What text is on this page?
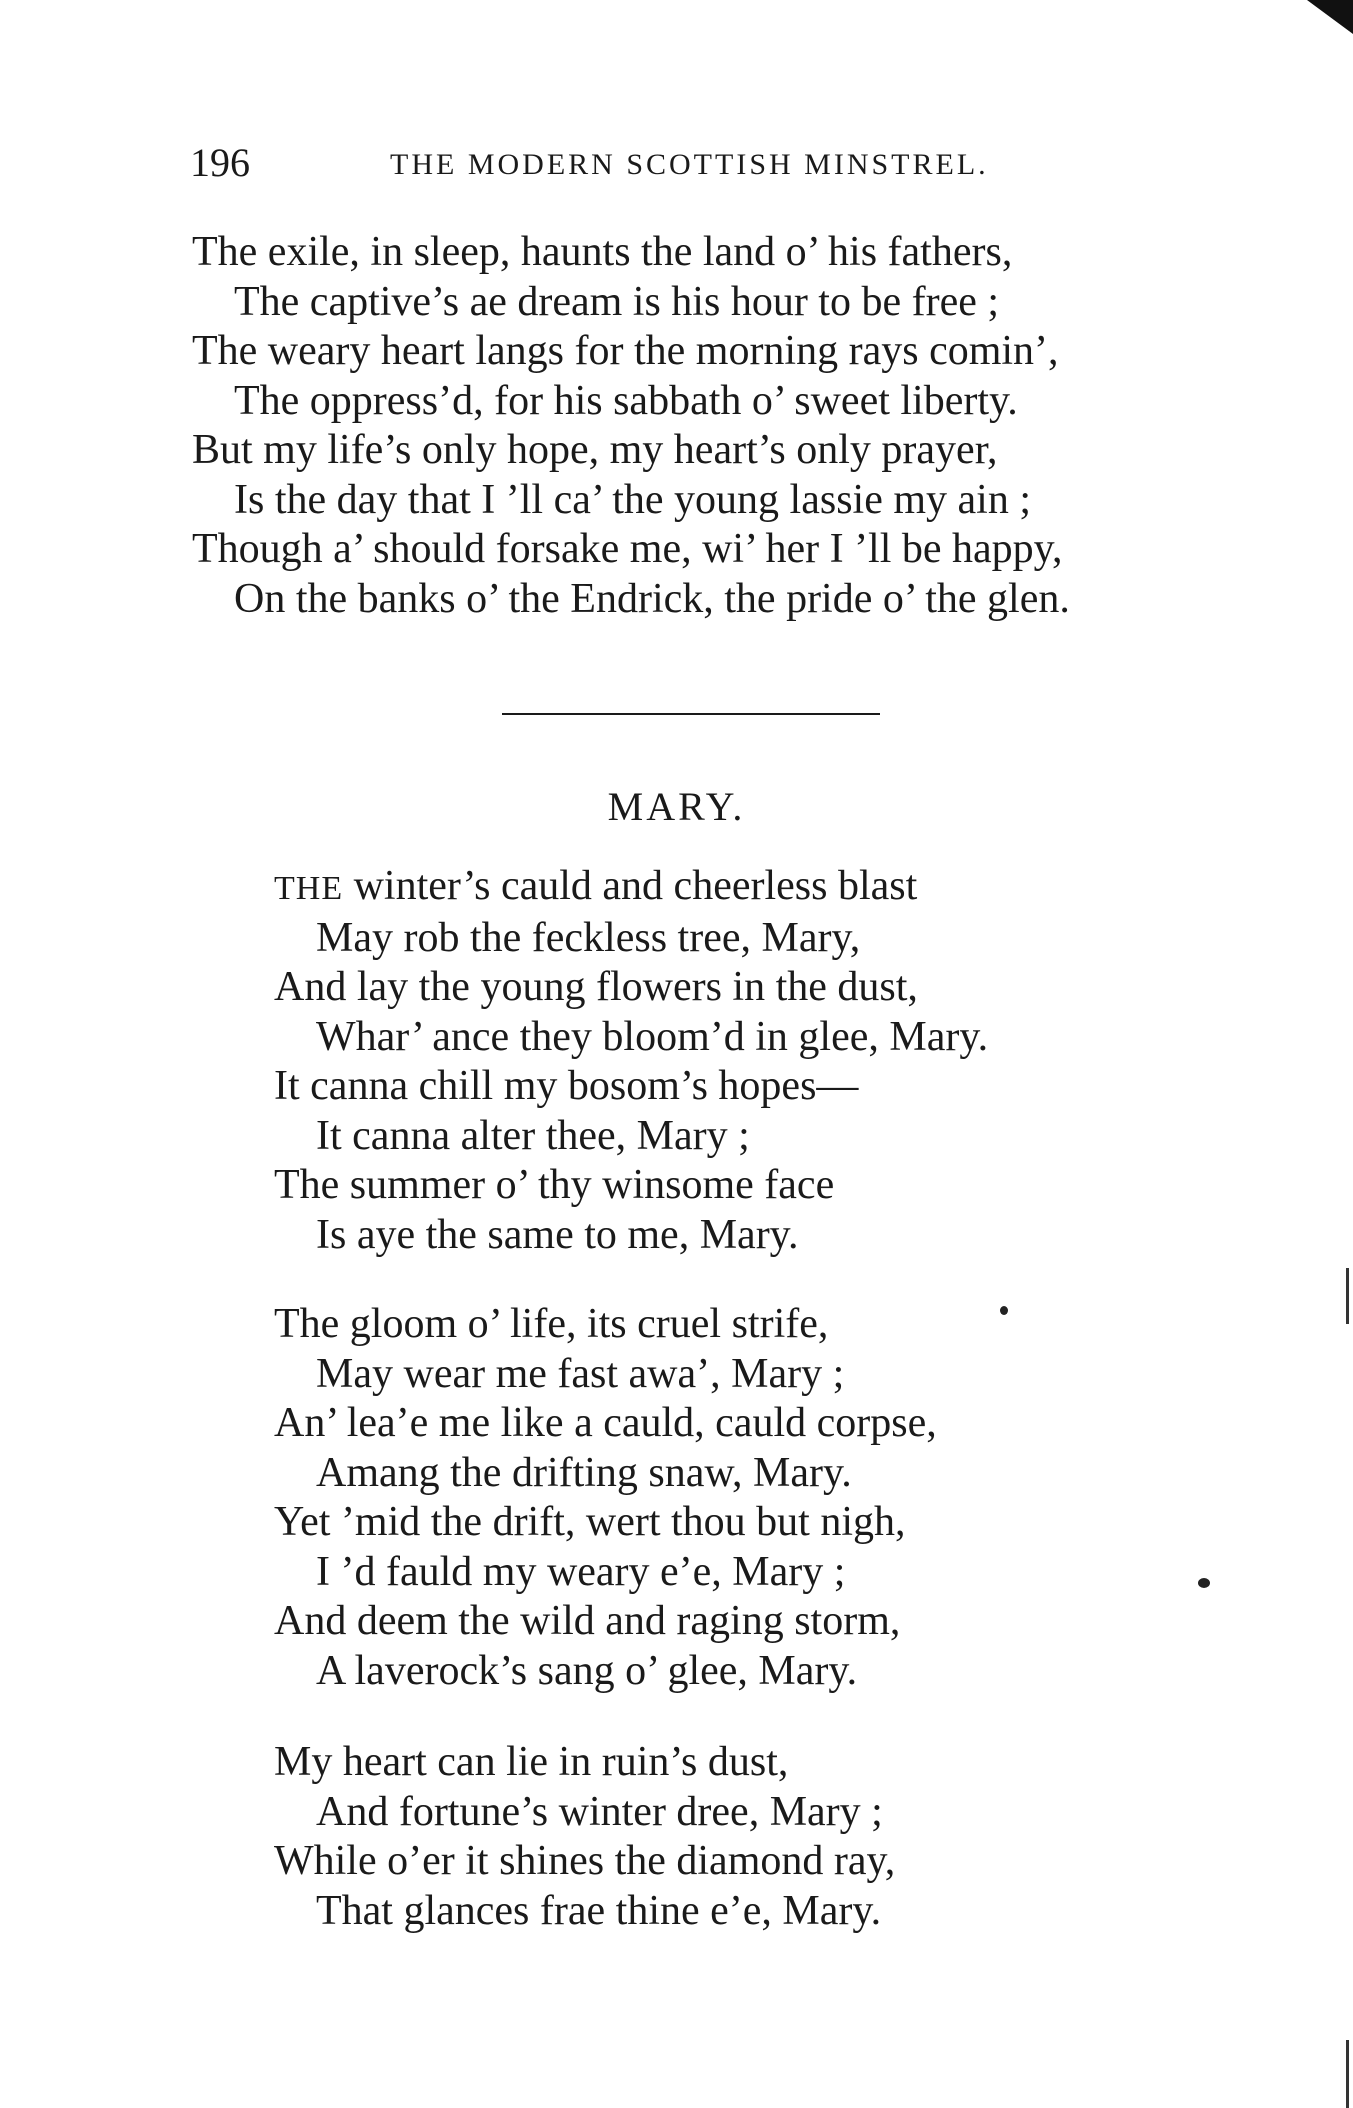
196	THE MODERN SCOTTISH MINSTREL.
The exile, in sleep, haunts the land o’ his fathers,
The captive’s ae dream is his hour to be free ;
The weary heart langs for the morning rays comin’,
The oppress’d, for his sabbath o’ sweet liberty.
But my life’s only hope, my heart’s only prayer,
Is the day that I ’ll ca’ the young lassie my ain ;
Though a’ should forsake me, wi’ her I ’ll be happy,
On the banks o’ the Endrick, the pride o’ the glen.
MARY.
THE winter’s cauld and cheerless blast
May rob the feckless tree, Mary,
And lay the young flowers in the dust,
Whar’ ance they bloom’d in glee, Mary.
It canna chill my bosom’s hopes—
It canna alter thee, Mary ;
The summer o’ thy winsome face
Is aye the same to me, Mary.
The gloom o’ life, its cruel strife,
May wear me fast awa’, Mary ;
An’ lea’e me like a cauld, cauld corpse,
Amang the drifting snaw, Mary.
Yet ’mid the drift, wert thou but nigh,
I ’d fauld my weary e’e, Mary ;
And deem the wild and raging storm,
A laverock’s sang o’ glee, Mary.
My heart can lie in ruin’s dust,
And fortune’s winter dree, Mary ;
While o’er it shines the diamond ray,
That glances frae thine e’e, Mary.
